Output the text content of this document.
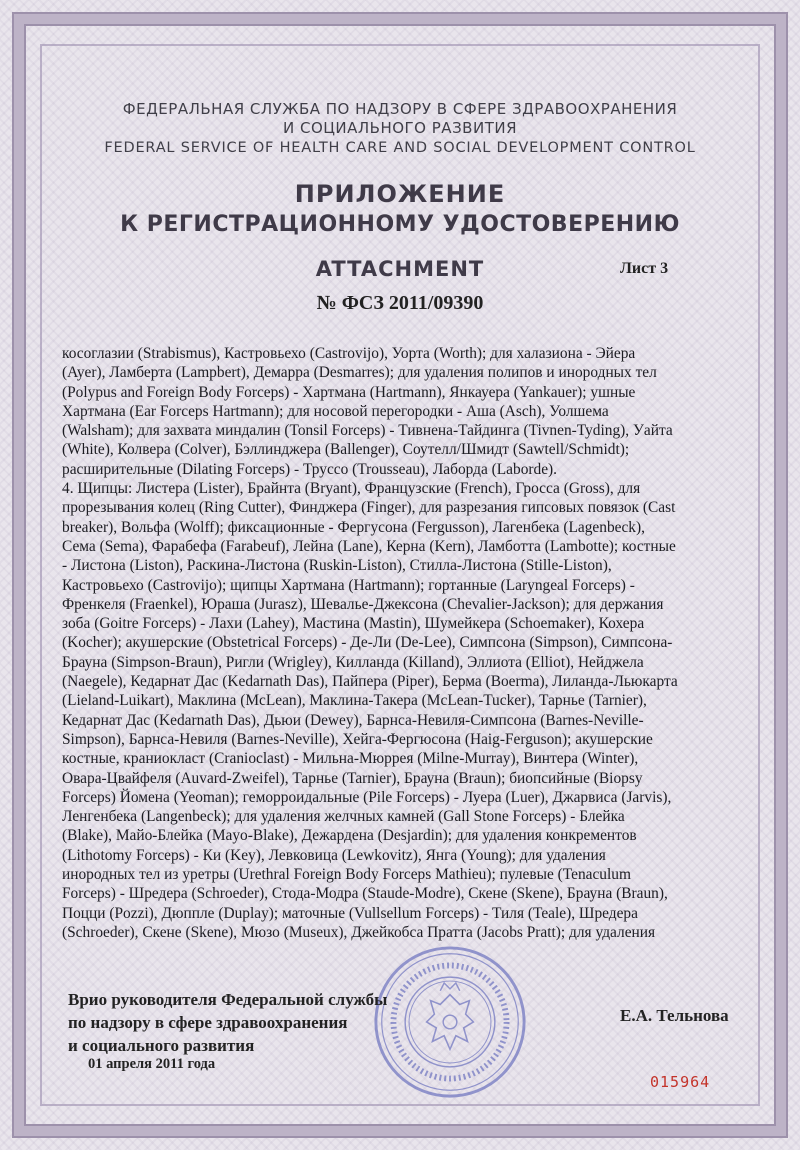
ФЕДЕРАЛЬНАЯ СЛУЖБА ПО НАДЗОРУ В СФЕРЕ ЗДРАВООХРАНЕНИЯ
И СОЦИАЛЬНОГО РАЗВИТИЯ
FEDERAL SERVICE OF HEALTH CARE AND SOCIAL DEVELOPMENT CONTROL
ПРИЛОЖЕНИЕ
К РЕГИСТРАЦИОННОМУ УДОСТОВЕРЕНИЮ
ATTACHMENT	Лист 3
№ ФСЗ 2011/09390
косоглазии (Strabismus), Кастровьехо (Castrovijo), Уорта (Worth); для халазиона - Эйера
(Ayer), Ламберта (Lampbert), Демарра (Desmarres); для удаления полипов и инородных тел
(Polypus and Foreign Body Forceps) - Хартмана (Hartmann), Янкауера (Yankauer); ушные
Хартмана (Ear Forceps Hartmann); для носовой перегородки - Аша (Asch), Уолшема
(Walsham); для захвата миндалин (Tonsil Forceps) - Тивнена-Тайдинга (Tivnen-Tyding), Уайта
(White), Колвера (Colver), Бэллинджера (Ballenger), Соутелл/Шмидт (Sawtell/Schmidt);
расширительные (Dilating Forceps) - Труссо (Trousseau), Лаборда (Laborde).
4. Щипцы: Листера (Lister), Брайнта (Bryant), Французские (French), Гросса (Gross), для
прорезывания колец (Ring Cutter), Финджера (Finger), для разрезания гипсовых повязок (Cast
breaker), Вольфа (Wolff); фиксационные - Фергусона (Fergusson), Лагенбека (Lagenbeck),
Сема (Sema), Фарабефа (Farabeuf), Лейна (Lane), Керна (Kern), Ламботта (Lambotte); костные
- Листона (Liston), Раскина-Листона (Ruskin-Liston), Стилла-Листона (Stille-Liston),
Кастровьехо (Castrovijo); щипцы Хартмана (Hartmann); гортанные (Laryngeal Forceps) -
Френкеля (Fraenkel), Юраша (Jurasz), Шевалье-Джексона (Chevalier-Jackson); для держания
зоба (Goitre Forceps) - Лахи (Lahey), Мастина (Mastin), Шумейкера (Schoemaker), Кохера
(Kocher); акушерские (Obstetrical Forceps) - Де-Ли (De-Lee), Симпсона (Simpson), Симпсона-
Брауна (Simpson-Braun), Ригли (Wrigley), Килланда (Killand), Эллиота (Elliot), Нейджела
(Naegele), Кедарнат Дас (Kedarnath Das), Пайпера (Piper), Берма (Boerma), Лиланда-Льюкарта
(Lieland-Luikart), Маклина (McLean), Маклина-Такера (McLean-Tucker), Тарнье (Tarnier),
Кедарнат Дас (Kedarnath Das), Дьюи (Dewey), Барнса-Невиля-Симпсона (Barnes-Neville-
Simpson), Барнса-Невиля (Barnes-Neville), Хейга-Фергюсона (Haig-Ferguson); акушерские
костные, краниокласт (Cranioclast) - Мильна-Мюррея (Milne-Murray), Винтера (Winter),
Овара-Цвайфеля (Auvard-Zweifel), Тарнье (Tarnier), Брауна (Braun); биопсийные (Biopsy
Forceps) Йомена (Yeoman); геморроидальные (Pile Forceps) - Луера (Luer), Джарвиса (Jarvis),
Ленгенбека (Langenbeck); для удаления желчных камней (Gall Stone Forceps) - Блейка
(Blake), Майо-Блейка (Mayo-Blake), Дежардена (Desjardin); для удаления конкрементов
(Lithotomy Forceps) - Ки (Key), Левковица (Lewkovitz), Янга (Young); для удаления
инородных тел из уретры (Urethral Foreign Body Forceps Mathieu); пулевые (Tenaculum
Forceps) - Шредера (Schroeder), Стода-Модра (Staude-Modre), Скене (Skene), Брауна (Braun),
Поцци (Pozzi), Дюппле (Duplay); маточные (Vullsellum Forceps) - Тиля (Teale), Шредера
(Schroeder), Скене (Skene), Мюзо (Museux), Джейкобса Пратта (Jacobs Pratt); для удаления
Врио руководителя Федеральной службы
по надзору в сфере здравоохранения
и социального развития
01 апреля 2011 года
Е.А. Тельнова
015964
